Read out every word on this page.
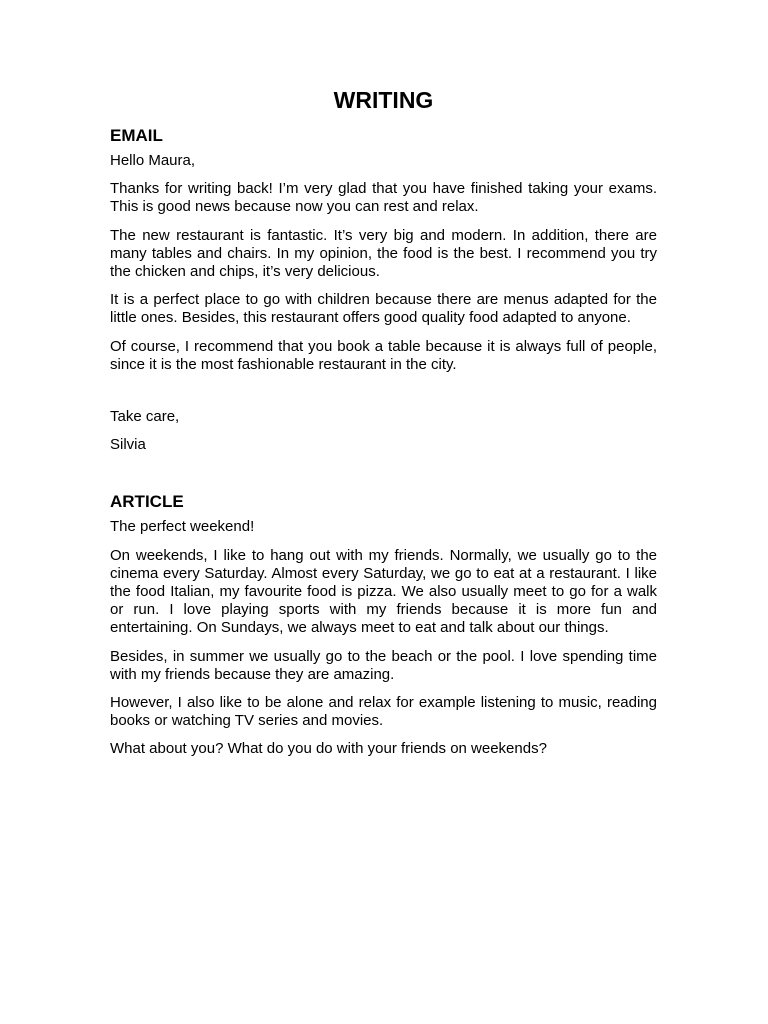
WRITING
EMAIL

Hello Maura,

Thanks for writing back! I’m very glad that you have finished taking your exams. This is good news because now you can rest and relax.

The new restaurant is fantastic. It’s very big and modern. In addition, there are many tables and chairs. In my opinion, the food is the best. I recommend you try the chicken and chips, it’s very delicious.

It is a perfect place to go with children because there are menus adapted for the little ones. Besides, this restaurant offers good quality food adapted to anyone.

Of course, I recommend that you book a table because it is always full of people, since it is the most fashionable restaurant in the city.

Take care,

Silvia

ARTICLE

The perfect weekend!

On weekends, I like to hang out with my friends. Normally, we usually go to the cinema every Saturday. Almost every Saturday, we go to eat at a restaurant. I like the food Italian, my favourite food is pizza. We also usually meet to go for a walk or run. I love playing sports with my friends because it is more fun and entertaining. On Sundays, we always meet to eat and talk about our things.

Besides, in summer we usually go to the beach or the pool. I love spending time with my friends because they are amazing.

However, I also like to be alone and relax for example listening to music, reading books or watching TV series and movies.

What about you? What do you do with your friends on weekends?
